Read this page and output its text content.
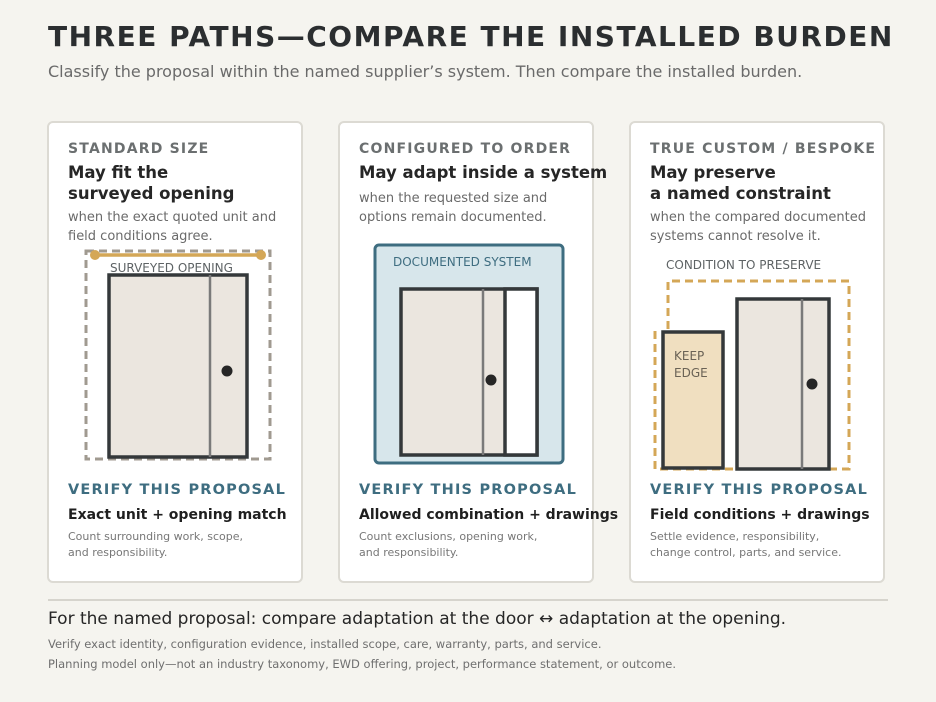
THREE PATHS—COMPARE THE INSTALLED BURDEN
Classify the proposal within the named supplier’s system. Then compare the installed burden.
STANDARD SIZE
May fit the
surveyed opening
when the exact quoted unit and
field conditions agree.
SURVEYED OPENING
VERIFY THIS PROPOSAL
Exact unit + opening match
Count surrounding work, scope,
and responsibility.
CONFIGURED TO ORDER
May adapt inside a system
when the requested size and
options remain documented.
DOCUMENTED SYSTEM
VERIFY THIS PROPOSAL
Allowed combination + drawings
Count exclusions, opening work,
and responsibility.
TRUE CUSTOM / BESPOKE
May preserve
a named constraint
when the compared documented
systems cannot resolve it.
CONDITION TO PRESERVE
KEEP
EDGE
VERIFY THIS PROPOSAL
Field conditions + drawings
Settle evidence, responsibility,
change control, parts, and service.
For the named proposal: compare adaptation at the door ↔ adaptation at the opening.
Verify exact identity, configuration evidence, installed scope, care, warranty, parts, and service.
Planning model only—not an industry taxonomy, EWD offering, project, performance statement, or outcome.
